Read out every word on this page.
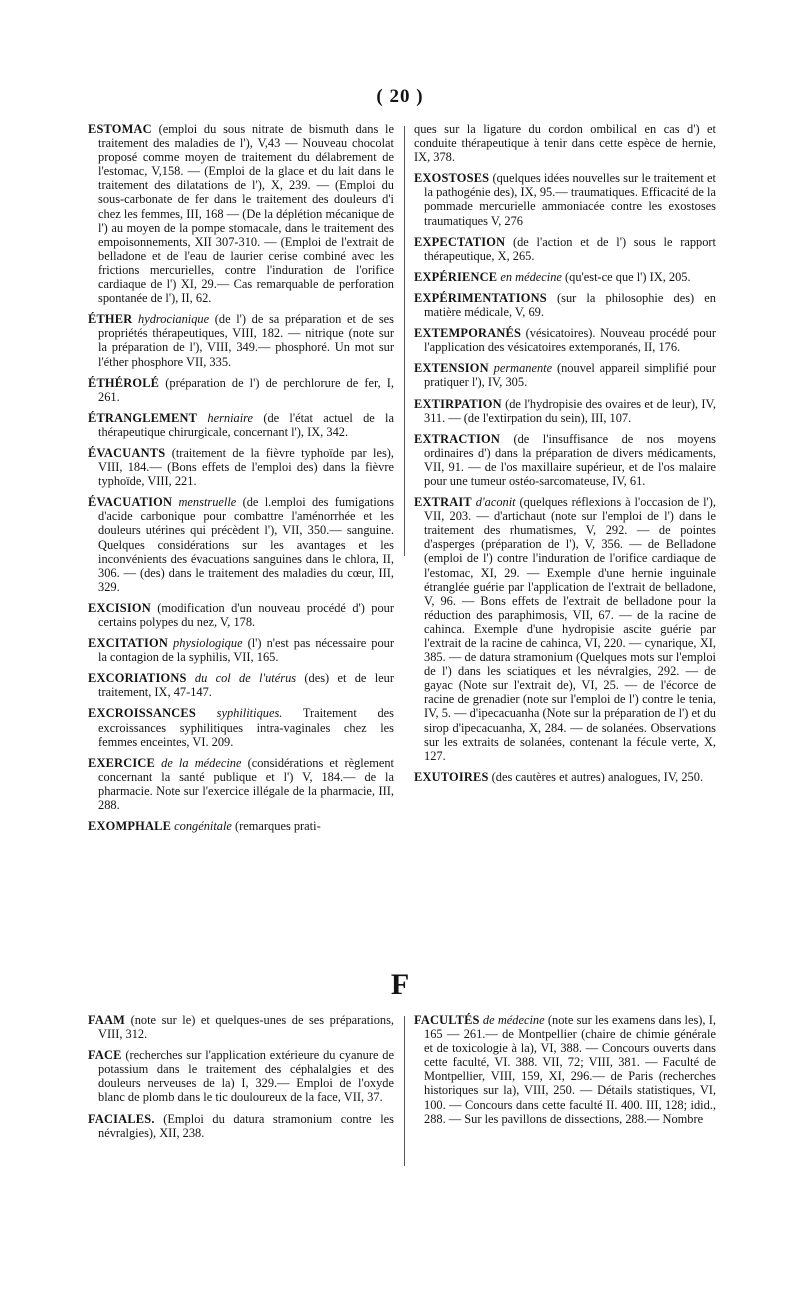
( 20 )

ESTOMAC (emploi du sous nitrate de bismuth dans le traitement des maladies de l'), V,43 — Nouveau chocolat proposé comme moyen de traitement du délabrement de l'estomac, V,158. — (Emploi de la glace et du lait dans le traitement des dilatations de l'), X, 239. — (Emploi du sous-carbonate de fer dans le traitement des douleurs d'i chez les femmes, III, 168 — (De la déplétion mécanique de l') au moyen de la pompe stomacale, dans le traitement des empoisonnements, XII 307-310. — (Emploi de l'extrait de belladone et de l'eau de laurier cerise combiné avec les frictions mercurielles, contre l'induration de l'orifice cardiaque de l') XI, 29.— Cas remarquable de perforation spontanée de l'), II, 62.

ÉTHER hydrocianique (de l') de sa préparation et de ses propriétés thérapeutiques, VIII, 182. — nitrique (note sur la préparation de l'), VIII, 349.— phosphoré. Un mot sur l'éther phosphore VII, 335.

ÉTHÉROLÉ (préparation de l') de perchlorure de fer, I, 261.

ÉTRANGLEMENT herniaire (de l'état actuel de la thérapeutique chirurgicale, concernant l'), IX, 342.

ÉVACUANTS (traitement de la fièvre typhoïde par les), VIII, 184.— (Bons effets de l'emploi des) dans la fièvre typhoïde, VIII, 221.

ÉVACUATION menstruelle (de l.emploi des fumigations d'acide carbonique pour combattre l'aménorrhée et les douleurs utérines qui précèdent l'), VII, 350.— sanguine. Quelques considérations sur les avantages et les inconvénients des évacuations sanguines dans le chlora, II, 306. — (des) dans le traitement des maladies du cœur, III, 329.

EXCISION (modification d'un nouveau procédé d') pour certains polypes du nez, V, 178.

EXCITATION physiologique (l') n'est pas nécessaire pour la contagion de la syphilis, VII, 165.

EXCORIATIONS du col de l'utérus (des) et de leur traitement, IX, 47-147.

EXCROISSANCES syphilitiques. Traitement des excroissances syphilitiques intra-vaginales chez les femmes enceintes, VI. 209.

EXERCICE de la médecine (considérations et règlement concernant la santé publique et l') V, 184.— de la pharmacie. Note sur l'exercice illégale de la pharmacie, III, 288.

EXOMPHALE congénitale (remarques prati-

ques sur la ligature du cordon ombilical en cas d') et conduite thérapeutique à tenir dans cette espèce de hernie, IX, 378.

EXOSTOSES (quelques idées nouvelles sur le traitement et la pathogénie des), IX, 95.— traumatiques. Efficacité de la pommade mercurielle ammoniacée contre les exostoses traumatiques V, 276

EXPECTATION (de l'action et de l') sous le rapport thérapeutique, X, 265.

EXPÉRIENCE en médecine (qu'est-ce que l') IX, 205.

EXPÉRIMENTATIONS (sur la philosophie des) en matière médicale, V, 69.

EXTEMPORANÉS (vésicatoires). Nouveau procédé pour l'application des vésicatoires extemporanés, II, 176.

EXTENSION permanente (nouvel appareil simplifié pour pratiquer l'), IV, 305.

EXTIRPATION (de l'hydropisie des ovaires et de leur), IV, 311. — (de l'extirpation du sein), III, 107.

EXTRACTION (de l'insuffisance de nos moyens ordinaires d') dans la préparation de divers médicaments, VII, 91. — de l'os maxillaire supérieur, et de l'os malaire pour une tumeur ostéo-sarcomateuse, IV, 61.

EXTRAIT d'aconit (quelques réflexions à l'occasion de l'), VII, 203. — d'artichaut (note sur l'emploi de l') dans le traitement des rhumatismes, V, 292. — de pointes d'asperges (préparation de l'), V, 356. — de Belladone (emploi de l') contre l'induration de l'orifice cardiaque de l'estomac, XI, 29. — Exemple d'une hernie inguinale étranglée guérie par l'application de l'extrait de belladone, V, 96. — Bons effets de l'extrait de belladone pour la réduction des paraphimosis, VII, 67. — de la racine de cahinca. Exemple d'une hydropisie ascite guérie par l'extrait de la racine de cahinca, VI, 220. — cynarique, XI, 385. — de datura stramonium (Quelques mots sur l'emploi de l') dans les sciatiques et les névralgies, 292. — de gayac (Note sur l'extrait de), VI, 25. — de l'écorce de racine de grenadier (note sur l'emploi de l') contre le tenia, IV, 5. — d'ipecacuanha (Note sur la préparation de l') et du sirop d'ipecacuanha, X, 284. — de solanées. Observations sur les extraits de solanées, contenant la fécule verte, X, 127.

EXUTOIRES (des cautères et autres) analogues, IV, 250.

F

FAAM (note sur le) et quelques-unes de ses préparations, VIII, 312.

FACE (recherches sur l'application extérieure du cyanure de potassium dans le traitement des céphalalgies et des douleurs nerveuses de la) I, 329.— Emploi de l'oxyde blanc de plomb dans le tic douloureux de la face, VII, 37.

FACIALES. (Emploi du datura stramonium contre les névralgies), XII, 238.

FACULTÉS de médecine (note sur les examens dans les), I, 165 — 261.— de Montpellier (chaire de chimie générale et de toxicologie à la), VI, 388. — Concours ouverts dans cette faculté, VI. 388. VII, 72; VIII, 381. — Faculté de Montpellier, VIII, 159, XI, 296.— de Paris (recherches historiques sur la), VIII, 250. — Détails statistiques, VI, 100. — Concours dans cette faculté II. 400. III, 128; idid., 288. — Sur les pavillons de dissections, 288.— Nombre
